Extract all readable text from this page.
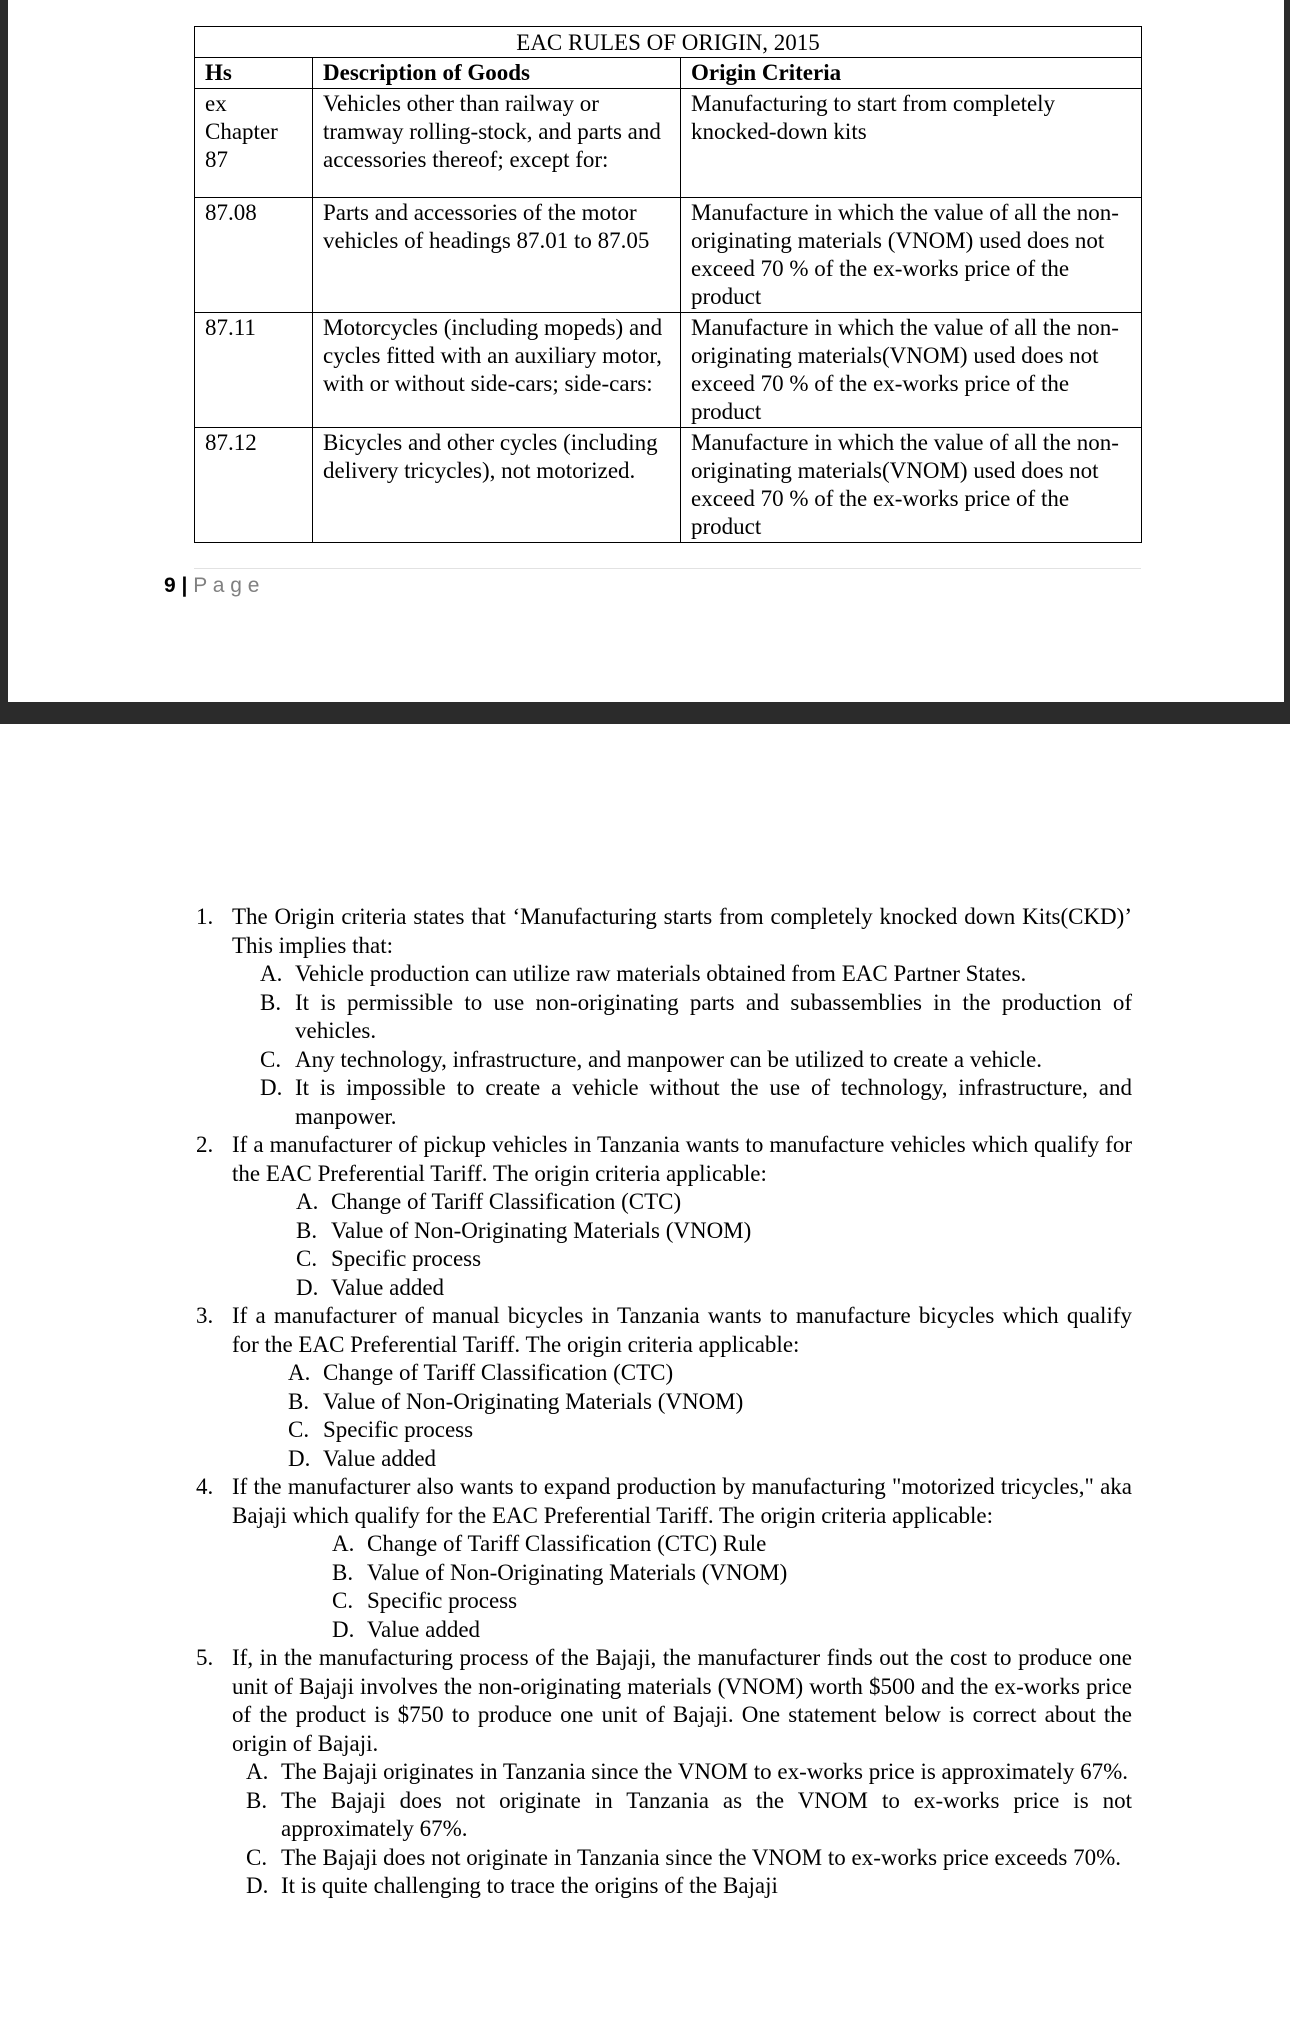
EAC RULES OF ORIGIN, 2015		
Hs	Description of Goods	Origin Criteria
ex Chapter 87	Vehicles other than railway or tramway rolling-stock, and parts and accessories thereof; except for:	Manufacturing to start from completely knocked-down kits
87.08	Parts and accessories of the motor vehicles of headings 87.01 to 87.05	Manufacture in which the value of all the non-originating materials (VNOM) used does not exceed 70 % of the ex-works price of the product
87.11	Motorcycles (including mopeds) and cycles fitted with an auxiliary motor, with or without side-cars; side-cars:	Manufacture in which the value of all the non-originating materials(VNOM) used does not exceed 70 % of the ex-works price of the product
87.12	Bicycles and other cycles (including delivery tricycles), not motorized.	Manufacture in which the value of all the non-originating materials(VNOM) used does not exceed 70 % of the ex-works price of the product
9 | P a g e
1. The Origin criteria states that ‘Manufacturing starts from completely knocked down Kits(CKD)’ This implies that:
A. Vehicle production can utilize raw materials obtained from EAC Partner States.
B. It is permissible to use non-originating parts and subassemblies in the production of vehicles.
C. Any technology, infrastructure, and manpower can be utilized to create a vehicle.
D. It is impossible to create a vehicle without the use of technology, infrastructure, and manpower.
2. If a manufacturer of pickup vehicles in Tanzania wants to manufacture vehicles which qualify for the EAC Preferential Tariff. The origin criteria applicable:
A. Change of Tariff Classification (CTC)
B. Value of Non-Originating Materials (VNOM)
C. Specific process
D. Value added
3. If a manufacturer of manual bicycles in Tanzania wants to manufacture bicycles which qualify for the EAC Preferential Tariff. The origin criteria applicable:
A. Change of Tariff Classification (CTC)
B. Value of Non-Originating Materials (VNOM)
C. Specific process
D. Value added
4. If the manufacturer also wants to expand production by manufacturing "motorized tricycles," aka Bajaji which qualify for the EAC Preferential Tariff. The origin criteria applicable:
A. Change of Tariff Classification (CTC) Rule
B. Value of Non-Originating Materials (VNOM)
C. Specific process
D. Value added
5. If, in the manufacturing process of the Bajaji, the manufacturer finds out the cost to produce one unit of Bajaji involves the non-originating materials (VNOM) worth $500 and the ex-works price of the product is $750 to produce one unit of Bajaji. One statement below is correct about the origin of Bajaji.
A. The Bajaji originates in Tanzania since the VNOM to ex-works price is approximately 67%.
B. The Bajaji does not originate in Tanzania as the VNOM to ex-works price is not approximately 67%.
C. The Bajaji does not originate in Tanzania since the VNOM to ex-works price exceeds 70%.
D. It is quite challenging to trace the origins of the Bajaji
